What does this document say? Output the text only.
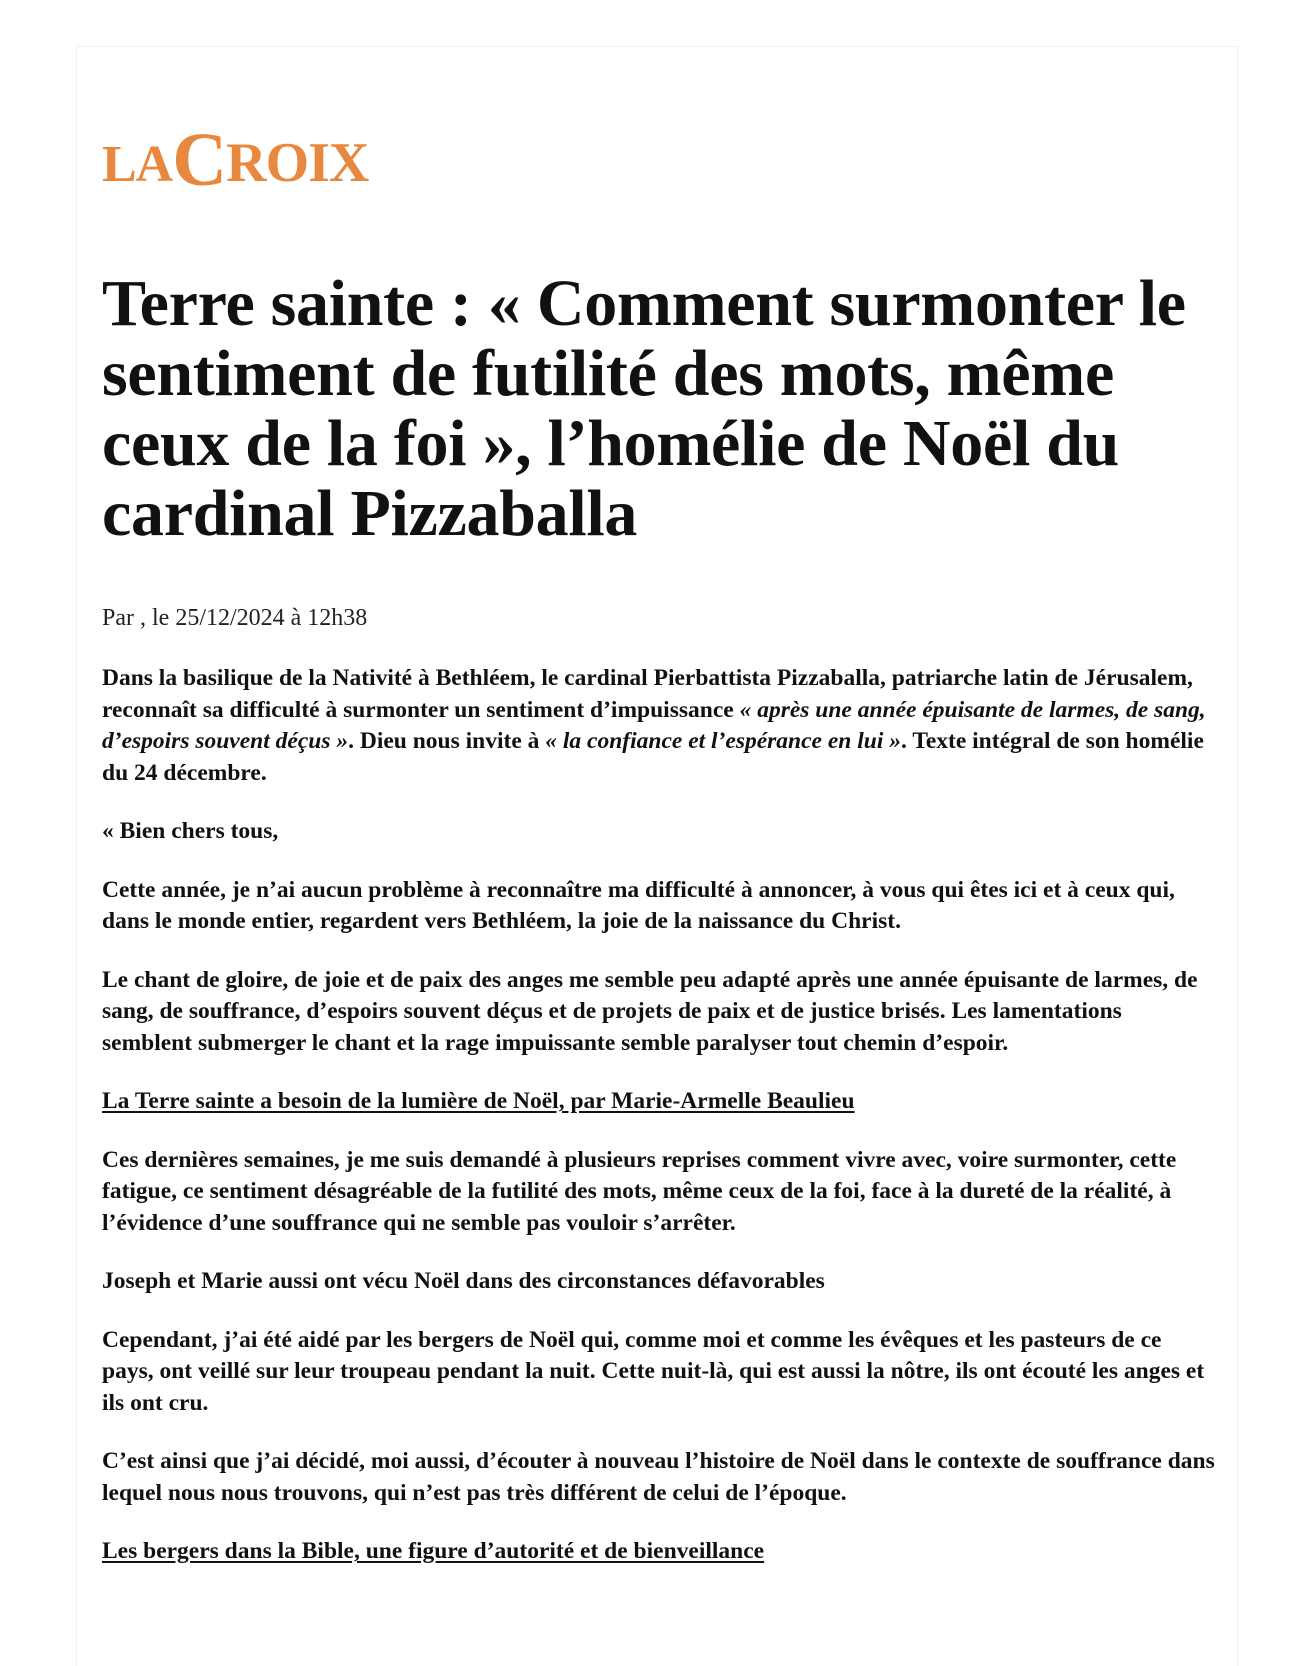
LA C ROIX
Terre sainte : « Comment surmonter le sentiment de futilité des mots, même ceux de la foi », l’homélie de Noël du cardinal Pizzaballa
Par , le 25/12/2024 à 12h38

Dans la basilique de la Nativité à Bethléem, le cardinal Pierbattista Pizzaballa, patriarche latin de Jérusalem, reconnaît sa difficulté à surmonter un sentiment d’impuissance « après une année épuisante de larmes, de sang, d’espoirs souvent déçus ». Dieu nous invite à « la confiance et l’espérance en lui ». Texte intégral de son homélie du 24 décembre.

« Bien chers tous,

Cette année, je n’ai aucun problème à reconnaître ma difficulté à annoncer, à vous qui êtes ici et à ceux qui, dans le monde entier, regardent vers Bethléem, la joie de la naissance du Christ.

Le chant de gloire, de joie et de paix des anges me semble peu adapté après une année épuisante de larmes, de sang, de souffrance, d’espoirs souvent déçus et de projets de paix et de justice brisés. Les lamentations semblent submerger le chant et la rage impuissante semble paralyser tout chemin d’espoir.

La Terre sainte a besoin de la lumière de Noël, par Marie-Armelle Beaulieu

Ces dernières semaines, je me suis demandé à plusieurs reprises comment vivre avec, voire surmonter, cette fatigue, ce sentiment désagréable de la futilité des mots, même ceux de la foi, face à la dureté de la réalité, à l’évidence d’une souffrance qui ne semble pas vouloir s’arrêter.

Joseph et Marie aussi ont vécu Noël dans des circonstances défavorables

Cependant, j’ai été aidé par les bergers de Noël qui, comme moi et comme les évêques et les pasteurs de ce pays, ont veillé sur leur troupeau pendant la nuit. Cette nuit-là, qui est aussi la nôtre, ils ont écouté les anges et ils ont cru.

C’est ainsi que j’ai décidé, moi aussi, d’écouter à nouveau l’histoire de Noël dans le contexte de souffrance dans lequel nous nous trouvons, qui n’est pas très différent de celui de l’époque.

Les bergers dans la Bible, une figure d’autorité et de bienveillance
